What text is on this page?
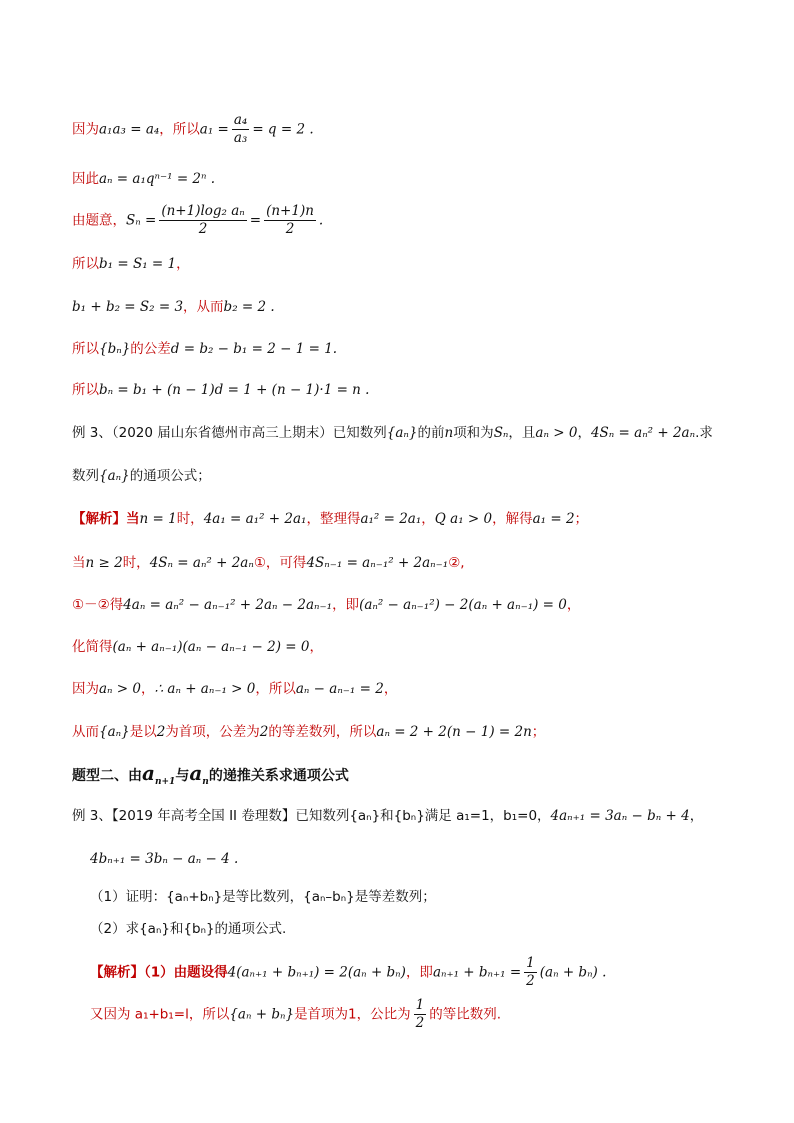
因为a₁a₃ = a₄，所以$a_1 = \frac{\text{a₄}}{\text{a₃}} = q = 2$ .
因此aₙ = a₁qⁿ⁻¹ = 2ⁿ .
由题意，$S_n = \frac{\text{(n+1)log₂ aₙ}}{2} = \frac{(n+1)n}{2}$ .
所以b₁ = S₁ = 1，
b₁ + b₂ = S₂ = 3，从而b₂ = 2 .
所以{bₙ}的公差d = b₂ − b₁ = 2 − 1 = 1.
所以bₙ = b₁ + (n − 1)d = 1 + (n − 1)·1 = n .
例 3、（2020 届山东省德州市高三上期末）已知数列{aₙ}的前n项和为Sₙ，且aₙ > 0，4Sₙ = aₙ² + 2aₙ.求
数列{aₙ}的通项公式；
【解析】当n = 1时，4a₁ = a₁² + 2a₁，整理得a₁² = 2a₁，Q a₁ > 0，解得a₁ = 2；
当n ≥ 2时，4Sₙ = aₙ² + 2aₙ①，可得4Sₙ₋₁ = aₙ₋₁² + 2aₙ₋₁②,
①－②得4aₙ = aₙ² − aₙ₋₁² + 2aₙ − 2aₙ₋₁，即(aₙ² − aₙ₋₁²) − 2(aₙ + aₙ₋₁) = 0，
化简得(aₙ + aₙ₋₁)(aₙ − aₙ₋₁ − 2) = 0，
因为aₙ > 0，∴ aₙ + aₙ₋₁ > 0，所以aₙ − aₙ₋₁ = 2，
从而{aₙ}是以2为首项，公差为2的等差数列，所以aₙ = 2 + 2(n − 1) = 2n；
题型二、由$a_{n+1}$与$a_n$的递推关系求通项公式
例 3、【2019 年高考全国 II 卷理数】已知数列{aₙ}和{bₙ}满足 a₁=1，b₁=0，4aₙ₊₁ = 3aₙ − bₙ + 4，
4bₙ₊₁ = 3bₙ − aₙ − 4 .
（1）证明：{aₙ+bₙ}是等比数列，{aₙ–bₙ}是等差数列；
（2）求{aₙ}和{bₙ}的通项公式.
【解析】（1）由题设得4(aₙ₊₁ + bₙ₊₁) = 2(aₙ + bₙ)，即$a_{n+1} + b_{n+1} = \frac{1}{2} (a_n + b_n)$ .
又因为 a₁+b₁=l，所以{aₙ + bₙ}是首项为1，公比为 $\frac{1}{2}$ 的等比数列.
